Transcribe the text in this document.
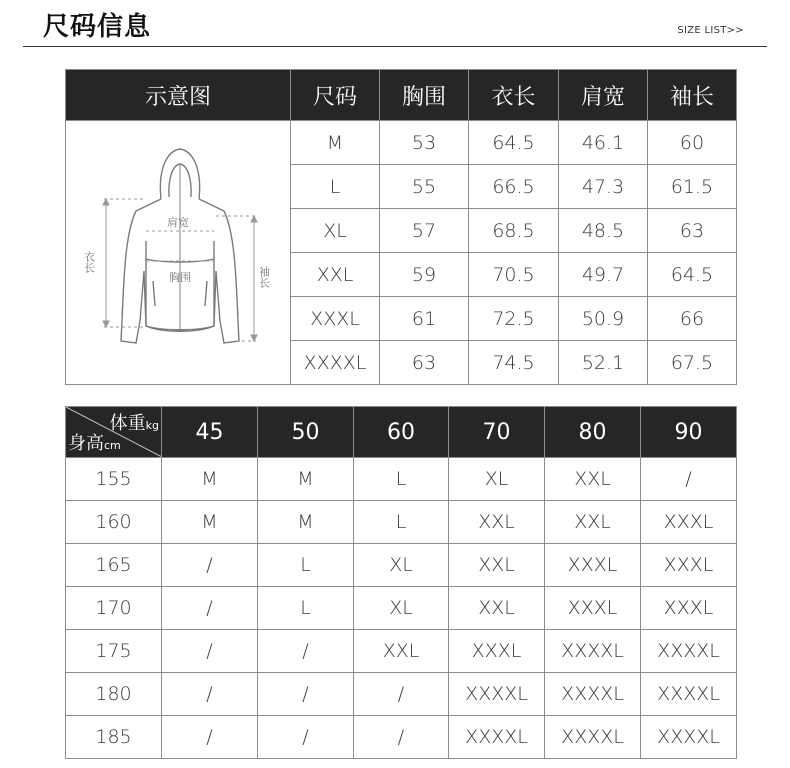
尺码信息	SIZE LIST>>
示意图	尺码	胸围	衣长	肩宽	袖长

肩宽
胸围
衣长
袖长	M	53	64.5	46.1	60
	L	55	66.5	47.3	61.5
	XL	57	68.5	48.5	63
	XXL	59	70.5	49.7	64.5
	XXXL	61	72.5	50.9	66
	XXXXL	63	74.5	52.1	67.5
体重kg
身高cm	45	50	60	70	80	90
155	M	M	L	XL	XXL	/
160	M	M	L	XXL	XXL	XXXL
165	/	L	XL	XXL	XXXL	XXXL
170	/	L	XL	XXL	XXXL	XXXL
175	/	/	XXL	XXXL	XXXXL	XXXXL
180	/	/	/	XXXXL	XXXXL	XXXXL
185	/	/	/	XXXXL	XXXXL	XXXXL
